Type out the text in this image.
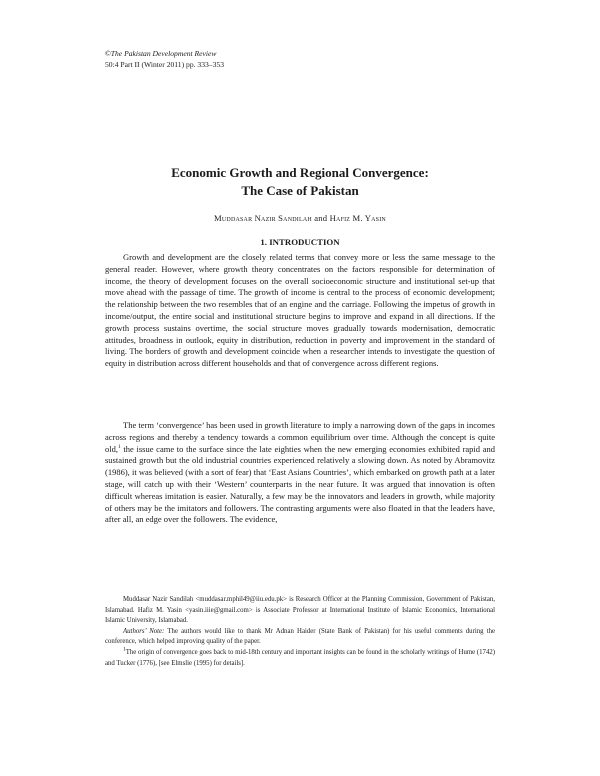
©The Pakistan Development Review
50:4 Part II (Winter 2011) pp. 333–353
Economic Growth and Regional Convergence:
The Case of Pakistan
Muddasar Nazir Sandilah and Hafiz M. Yasin
1. INTRODUCTION

Growth and development are the closely related terms that convey more or less the same message to the general reader. However, where growth theory concentrates on the factors responsible for determination of income, the theory of development focuses on the overall socioeconomic structure and institutional set-up that move ahead with the passage of time. The growth of income is central to the process of economic development; the relationship between the two resembles that of an engine and the carriage. Following the impetus of growth in income/output, the entire social and institutional structure begins to improve and expand in all directions. If the growth process sustains overtime, the social structure moves gradually towards modernisation, democratic attitudes, broadness in outlook, equity in distribution, reduction in poverty and improvement in the standard of living. The borders of growth and development coincide when a researcher intends to investigate the question of equity in distribution across different households and that of convergence across different regions.

The term ‘convergence’ has been used in growth literature to imply a narrowing down of the gaps in incomes across regions and thereby a tendency towards a common equilibrium over time. Although the concept is quite old,$^1$ the issue came to the surface since the late eighties when the new emerging economies exhibited rapid and sustained growth but the old industrial countries experienced relatively a slowing down. As noted by Abramovitz (1986), it was believed (with a sort of fear) that ‘East Asians Countries’, which embarked on growth path at a later stage, will catch up with their ‘Western’ counterparts in the near future. It was argued that innovation is often difficult whereas imitation is easier. Naturally, a few may be the innovators and leaders in growth, while majority of others may be the imitators and followers. The contrasting arguments were also floated in that the leaders have, after all, an edge over the followers. The evidence,

Muddasar Nazir Sandilah <muddasar.mphil49@iiu.edu.pk> is Research Officer at the Planning Commission, Government of Pakistan, Islamabad. Hafiz M. Yasin <yasin.iiie@gmail.com> is Associate Professor at International Institute of Islamic Economics, International Islamic University, Islamabad.

Authors’ Note: The authors would like to thank Mr Adnan Haider (State Bank of Pakistan) for his useful comments during the conference, which helped improving quality of the paper.

$^1$The origin of convergence goes back to mid-18th century and important insights can be found in the scholarly writings of Hume (1742) and Tucker (1776), [see Elmslie (1995) for details].
